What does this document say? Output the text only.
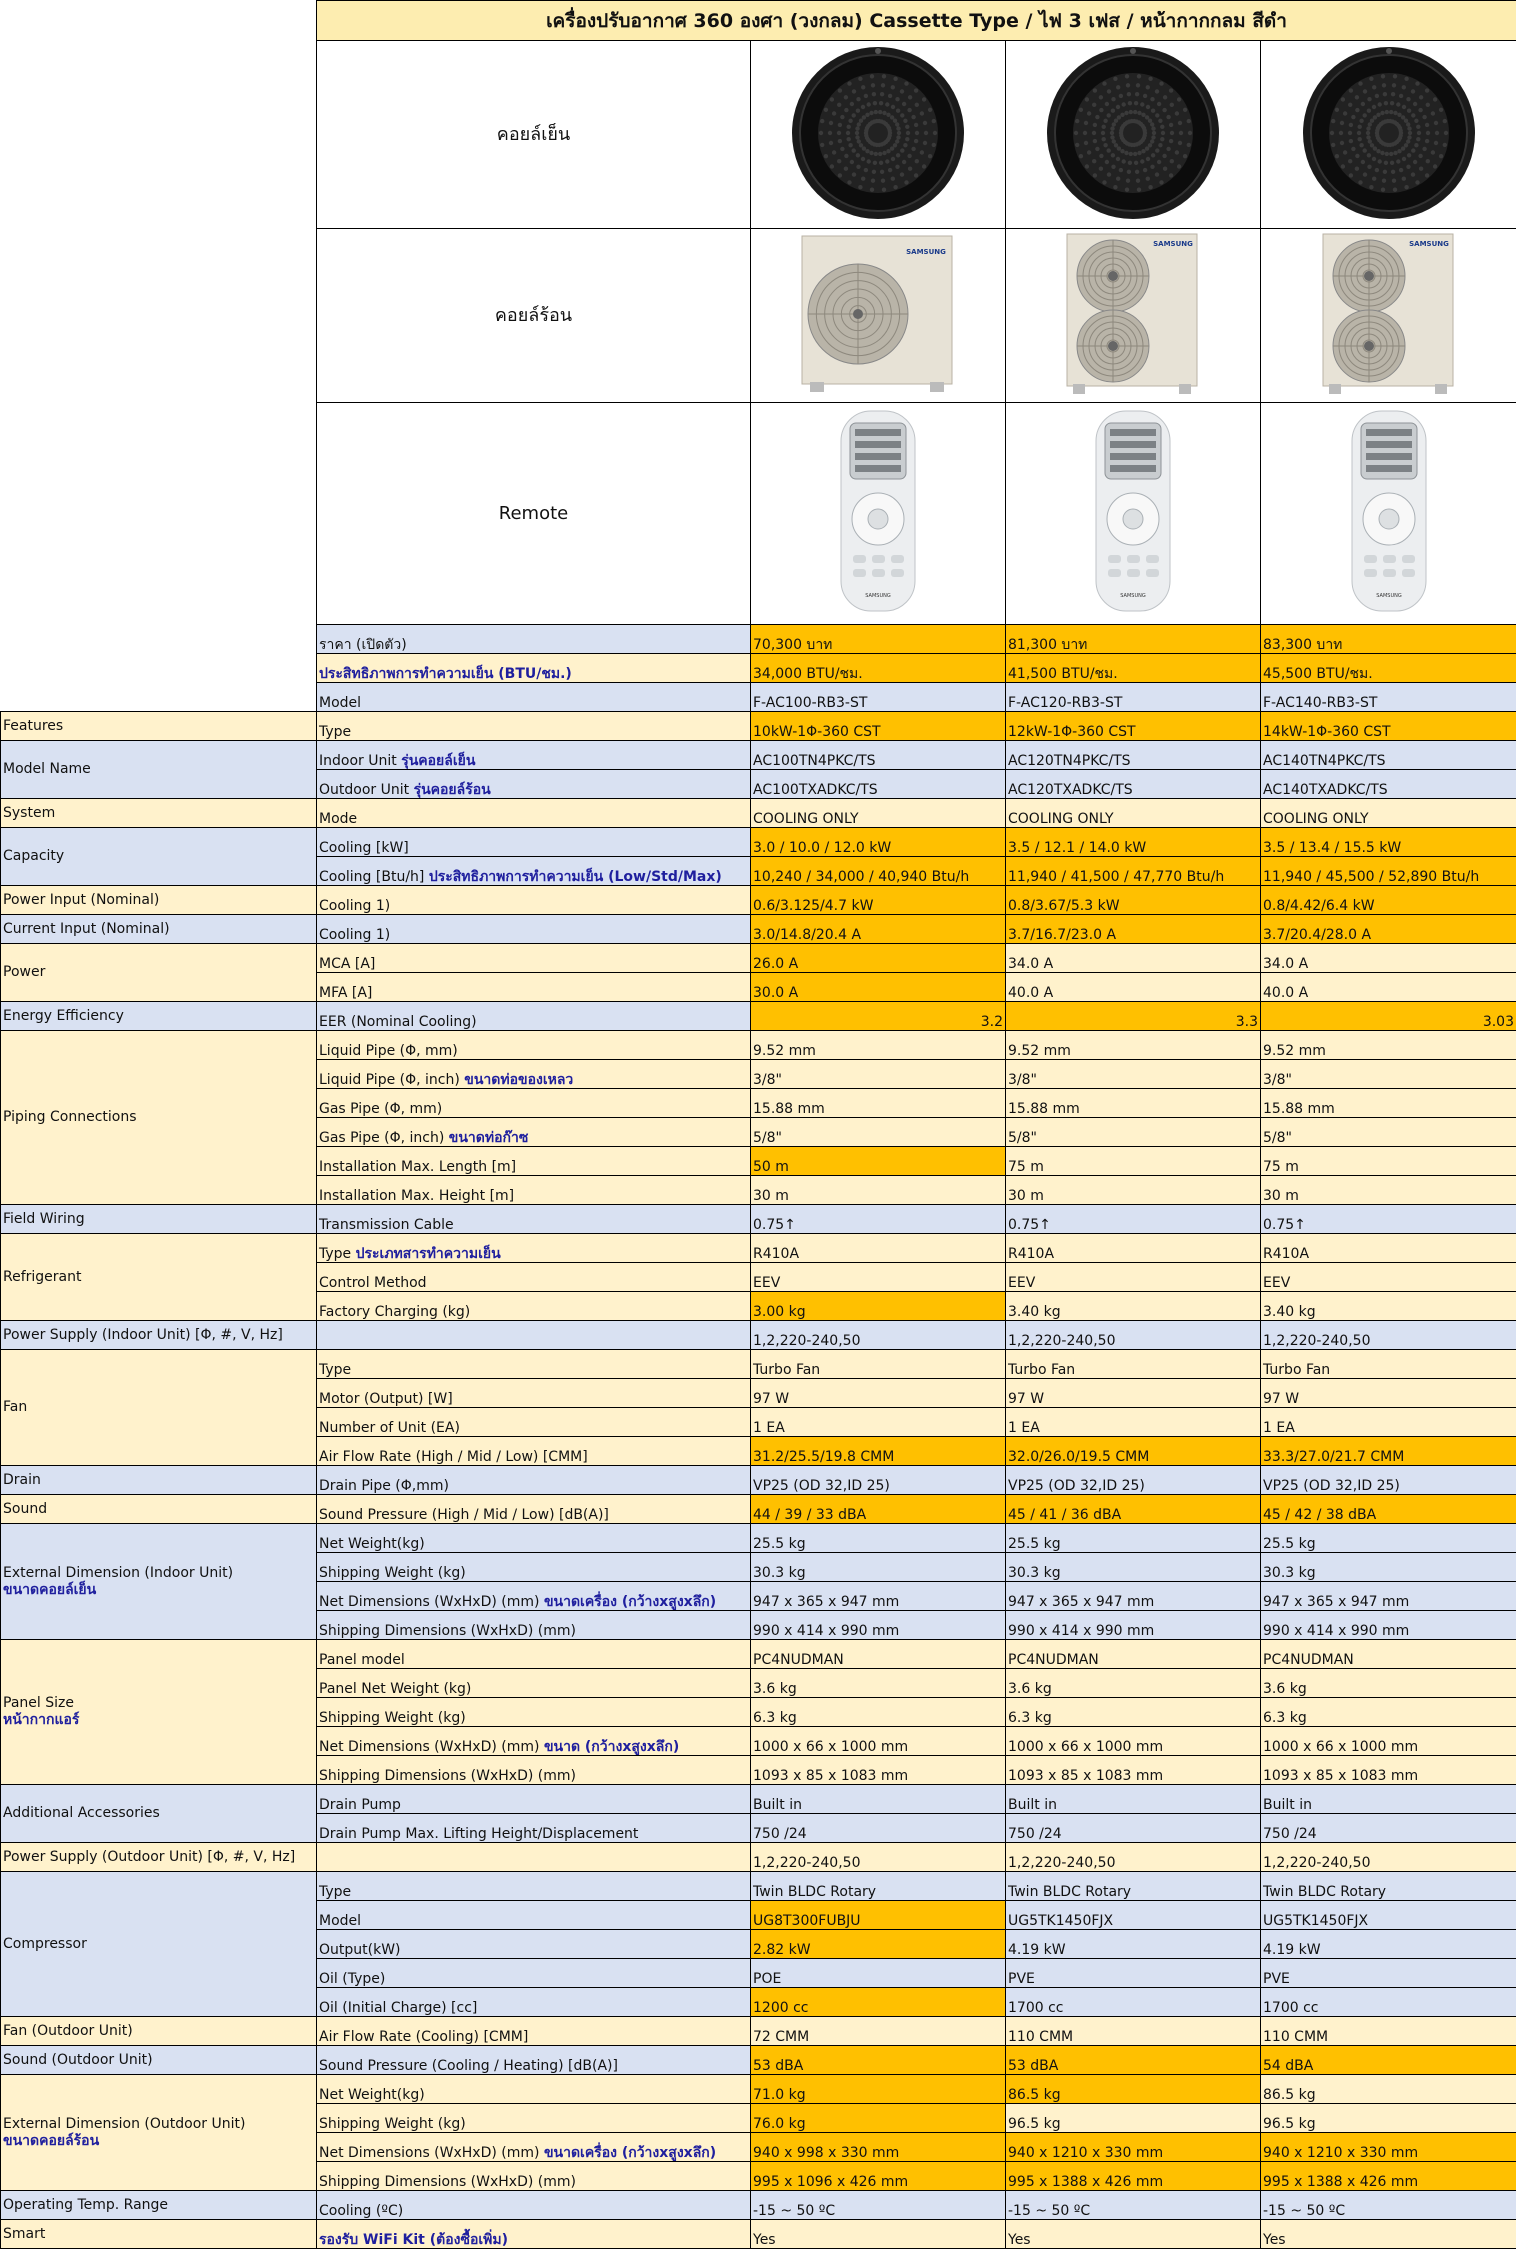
	เครื่องปรับอากาศ 360 องศา (วงกลม) Cassette Type / ไฟ 3 เฟส / หน้ากากกลม สีดำ			
	คอยล์เย็น			
	คอยล์ร้อน	SAMSUNG	SAMSUNG	SAMSUNG

	Remote	SAMSUNG	SAMSUNG	SAMSUNG

	ราคา (เปิดตัว)	70,300 บาท	81,300 บาท	83,300 บาท
	ประสิทธิภาพการทำความเย็น (BTU/ชม.)	34,000 BTU/ชม.	41,500 BTU/ชม.	45,500 BTU/ชม.
	Model	F-AC100-RB3-ST	F-AC120-RB3-ST	F-AC140-RB3-ST
Features	Type	10kW-1Φ-360 CST	12kW-1Φ-360 CST	14kW-1Φ-360 CST
Model Name	Indoor Unit รุ่นคอยล์เย็น	AC100TN4PKC/TS	AC120TN4PKC/TS	AC140TN4PKC/TS
	Outdoor Unit รุ่นคอยล์ร้อน	AC100TXADKC/TS	AC120TXADKC/TS	AC140TXADKC/TS
System	Mode	COOLING ONLY	COOLING ONLY	COOLING ONLY
Capacity	Cooling [kW]	3.0 / 10.0 / 12.0 kW	3.5 / 12.1 / 14.0 kW	3.5 / 13.4 / 15.5 kW
	Cooling [Btu/h] ประสิทธิภาพการทำความเย็น (Low/Std/Max)	10,240 / 34,000 / 40,940 Btu/h	11,940 / 41,500 / 47,770 Btu/h	11,940 / 45,500 / 52,890 Btu/h
Power Input (Nominal)	Cooling 1)	0.6/3.125/4.7 kW	0.8/3.67/5.3 kW	0.8/4.42/6.4 kW
Current Input (Nominal)	Cooling 1)	3.0/14.8/20.4 A	3.7/16.7/23.0 A	3.7/20.4/28.0 A
Power	MCA [A]	26.0 A	34.0 A	34.0 A
	MFA [A]	30.0 A	40.0 A	40.0 A
Energy Efficiency	EER (Nominal Cooling)	3.2	3.3	3.03
Piping Connections	Liquid Pipe (Φ, mm)	9.52 mm	9.52 mm	9.52 mm
	Liquid Pipe (Φ, inch) ขนาดท่อของเหลว	3/8"	3/8"	3/8"
	Gas Pipe (Φ, mm)	15.88 mm	15.88 mm	15.88 mm
	Gas Pipe (Φ, inch) ขนาดท่อก๊าซ	5/8"	5/8"	5/8"
	Installation Max. Length [m]	50 m	75 m	75 m
	Installation Max. Height [m]	30 m	30 m	30 m
Field Wiring	Transmission Cable	0.75↑	0.75↑	0.75↑
Refrigerant	Type ประเภทสารทำความเย็น	R410A	R410A	R410A
	Control Method	EEV	EEV	EEV
	Factory Charging (kg)	3.00 kg	3.40 kg	3.40 kg
Power Supply (Indoor Unit) [Φ, #, V, Hz]		1,2,220-240,50	1,2,220-240,50	1,2,220-240,50
Fan	Type	Turbo Fan	Turbo Fan	Turbo Fan
	Motor (Output) [W]	97 W	97 W	97 W
	Number of Unit (EA)	1 EA	1 EA	1 EA
	Air Flow Rate (High / Mid / Low) [CMM]	31.2/25.5/19.8 CMM	32.0/26.0/19.5 CMM	33.3/27.0/21.7 CMM
Drain	Drain Pipe (Φ,mm)	VP25 (OD 32,ID 25)	VP25 (OD 32,ID 25)	VP25 (OD 32,ID 25)
Sound	Sound Pressure (High / Mid / Low) [dB(A)]	44 / 39 / 33 dBA	45 / 41 / 36 dBA	45 / 42 / 38 dBA
External Dimension (Indoor Unit)
ขนาดคอยล์เย็น	Net Weight(kg)	25.5 kg	25.5 kg	25.5 kg
	Shipping Weight (kg)	30.3 kg	30.3 kg	30.3 kg
	Net Dimensions (WxHxD) (mm) ขนาดเครื่อง (กว้างxสูงxลึก)	947 x 365 x 947 mm	947 x 365 x 947 mm	947 x 365 x 947 mm
	Shipping Dimensions (WxHxD) (mm)	990 x 414 x 990 mm	990 x 414 x 990 mm	990 x 414 x 990 mm
Panel Size
หน้ากากแอร์	Panel model	PC4NUDMAN	PC4NUDMAN	PC4NUDMAN
	Panel Net Weight (kg)	3.6 kg	3.6 kg	3.6 kg
	Shipping Weight (kg)	6.3 kg	6.3 kg	6.3 kg
	Net Dimensions (WxHxD) (mm) ขนาด (กว้างxสูงxลึก)	1000 x 66 x 1000 mm	1000 x 66 x 1000 mm	1000 x 66 x 1000 mm
	Shipping Dimensions (WxHxD) (mm)	1093 x 85 x 1083 mm	1093 x 85 x 1083 mm	1093 x 85 x 1083 mm
Additional Accessories	Drain Pump	Built in	Built in	Built in
	Drain Pump Max. Lifting Height/Displacement	750 /24	750 /24	750 /24
Power Supply (Outdoor Unit) [Φ, #, V, Hz]		1,2,220-240,50	1,2,220-240,50	1,2,220-240,50
Compressor	Type	Twin BLDC Rotary	Twin BLDC Rotary	Twin BLDC Rotary
	Model	UG8T300FUBJU	UG5TK1450FJX	UG5TK1450FJX
	Output(kW)	2.82 kW	4.19 kW	4.19 kW
	Oil (Type)	POE	PVE	PVE
	Oil (Initial Charge) [cc]	1200 cc	1700 cc	1700 cc
Fan (Outdoor Unit)	Air Flow Rate (Cooling) [CMM]	72 CMM	110 CMM	110 CMM
Sound (Outdoor Unit)	Sound Pressure (Cooling / Heating) [dB(A)]	53 dBA	53 dBA	54 dBA
External Dimension (Outdoor Unit)
ขนาดคอยล์ร้อน	Net Weight(kg)	71.0 kg	86.5 kg	86.5 kg
	Shipping Weight (kg)	76.0 kg	96.5 kg	96.5 kg
	Net Dimensions (WxHxD) (mm) ขนาดเครื่อง (กว้างxสูงxลึก)	940 x 998 x 330 mm	940 x 1210 x 330 mm	940 x 1210 x 330 mm
	Shipping Dimensions (WxHxD) (mm)	995 x 1096 x 426 mm	995 x 1388 x 426 mm	995 x 1388 x 426 mm
Operating Temp. Range	Cooling (ºC)	-15 ~ 50 ºC	-15 ~ 50 ºC	-15 ~ 50 ºC
Smart	รองรับ WiFi Kit (ต้องซื้อเพิ่ม)	Yes	Yes	Yes
